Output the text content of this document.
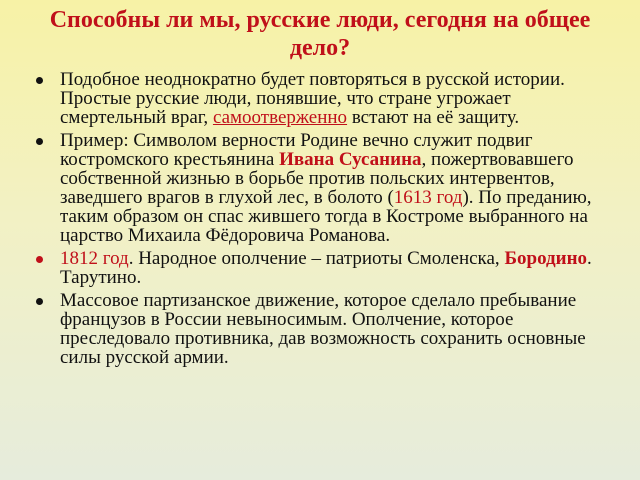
Способны ли мы, русские люди, сегодня на общее дело?
Подобное неоднократно будет повторяться в русской истории. Простые русские люди, понявшие, что стране угрожает смертельный враг, самоотверженно встают на её защиту.
Пример: Символом верности Родине вечно служит подвиг костромского крестьянина Ивана Сусанина, пожертвовавшего собственной жизнью в борьбе против польских интервентов, заведшего врагов в глухой лес, в болото (1613 год). По преданию, таким образом он спас жившего тогда в Костроме выбранного на царство Михаила Фёдоровича Романова.
1812 год. Народное ополчение – патриоты Смоленска, Бородино. Тарутино.
Массовое партизанское движение, которое сделало пребывание французов в России невыносимым. Ополчение, которое преследовало противника, дав возможность сохранить основные силы русской армии.
